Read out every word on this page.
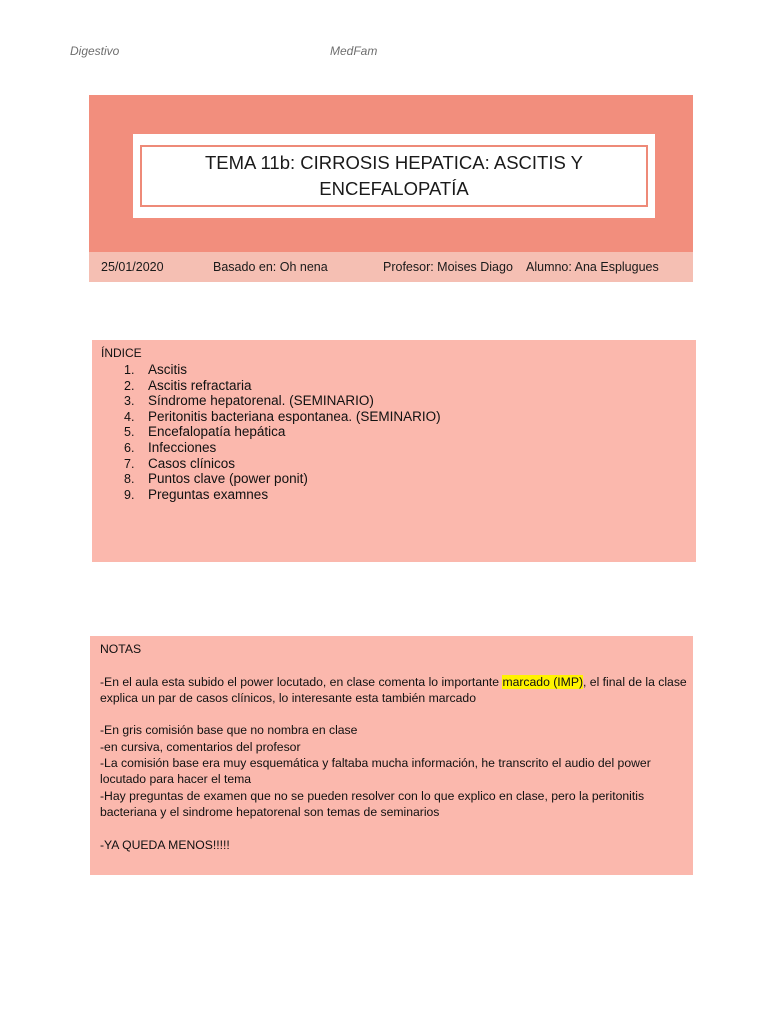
Digestivo	MedFam
TEMA 11b: CIRROSIS HEPATICA: ASCITIS Y
ENCEFALOPATÍA
25/01/2020	Basado en: Oh nena	Profesor: Moises Diago Alumno: Ana Esplugues
ÍNDICE
1. Ascitis
2. Ascitis refractaria
3. Síndrome hepatorenal. (SEMINARIO)
4. Peritonitis bacteriana espontanea. (SEMINARIO)
5. Encefalopatía hepática
6. Infecciones
7. Casos clínicos
8. Puntos clave (power ponit)
9. Preguntas examnes

NOTAS

-En el aula esta subido el power locutado, en clase comenta lo importante marcado (IMP), el final de la clase explica un par de casos clínicos, lo interesante esta también marcado

-En gris comisión base que no nombra en clase

-en cursiva, comentarios del profesor

-La comisión base era muy esquemática y faltaba mucha información, he transcrito el audio del power locutado para hacer el tema

-Hay preguntas de examen que no se pueden resolver con lo que explico en clase, pero la peritonitis bacteriana y el sindrome hepatorenal son temas de seminarios

-YA QUEDA MENOS!!!!!
